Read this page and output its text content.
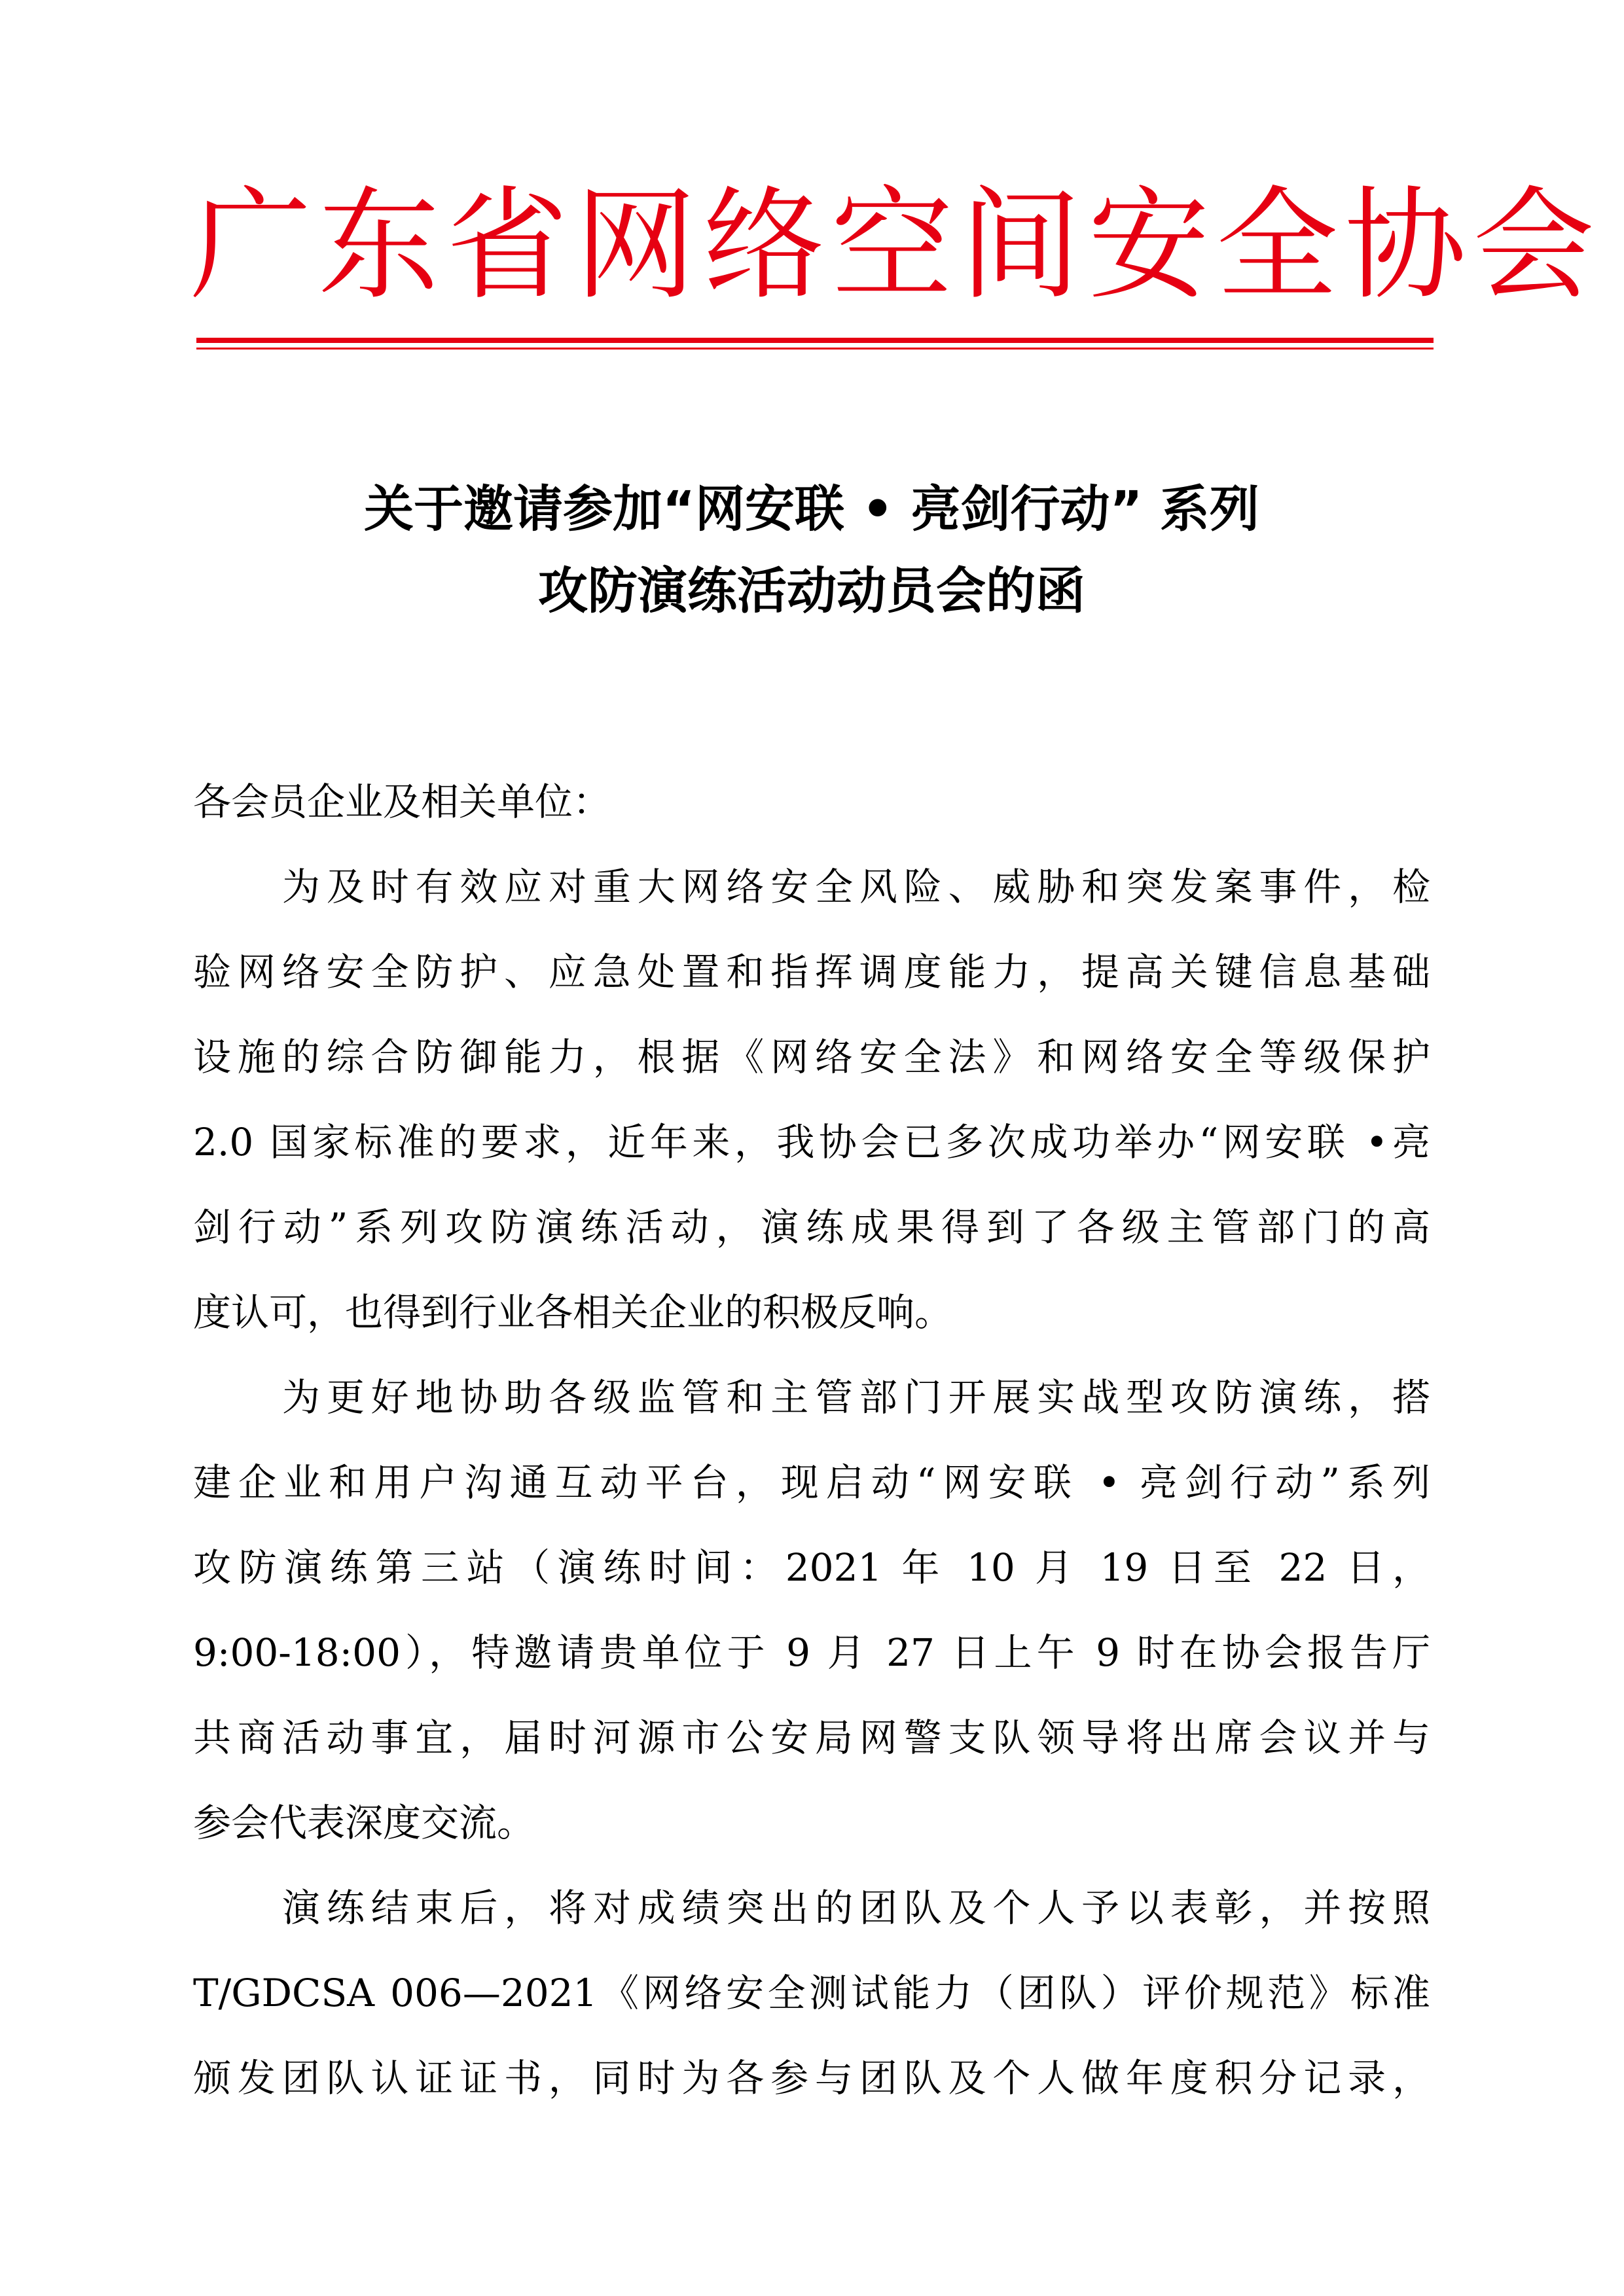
广东省网络空间安全协会
关于邀请参加“网安联 • 亮剑行动” 系列
攻防演练活动动员会的函
各会员企业及相关单位：
为及时有效应对重大网络安全风险、威胁和突发案事件，检
验网络安全防护、应急处置和指挥调度能力，提高关键信息基础
设施的综合防御能力，根据《网络安全法》和网络安全等级保护
2.0 国家标准的要求，近年来，我协会已多次成功举办“网安联 •亮
剑行动”系列攻防演练活动，演练成果得到了各级主管部门的高
度认可，也得到行业各相关企业的积极反响。
为更好地协助各级监管和主管部门开展实战型攻防演练，搭
建企业和用户沟通互动平台，现启动“网安联 • 亮剑行动”系列
攻防演练第三站（演练时间：2021 年 10 月 19 日至 22 日，
9:00-18:00），特邀请贵单位于 9 月 27 日上午 9 时在协会报告厅
共商活动事宜，届时河源市公安局网警支队领导将出席会议并与
参会代表深度交流。
演练结束后，将对成绩突出的团队及个人予以表彰，并按照
T/GDCSA 006—2021《网络安全测试能力（团队）评价规范》标准
颁发团队认证证书，同时为各参与团队及个人做年度积分记录，
